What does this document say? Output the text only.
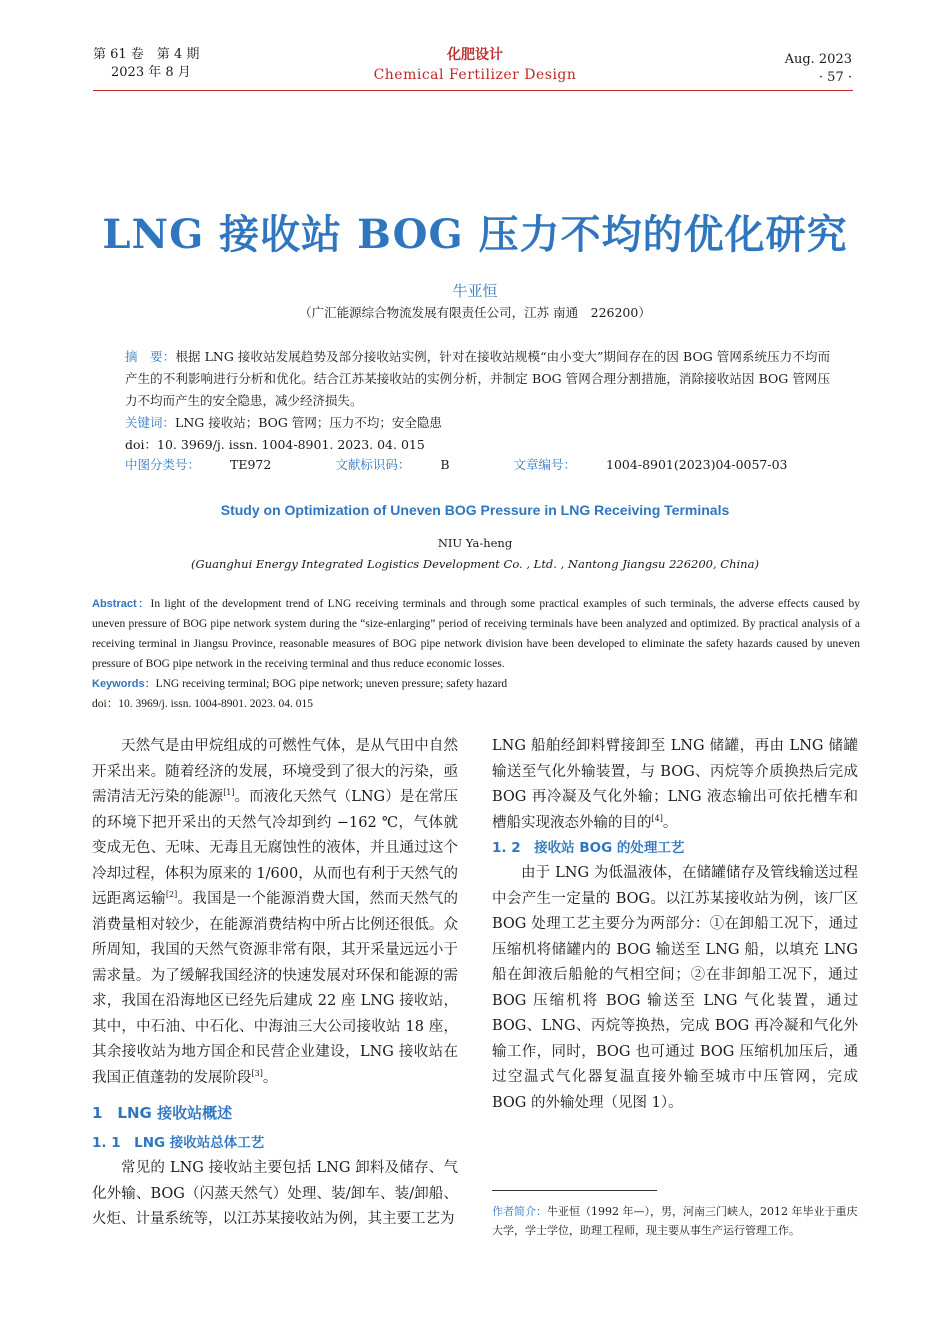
第 61 卷　第 4 期
2023 年 8 月
化肥设计
Chemical Fertilizer Design
Aug. 2023
· 57 ·
LNG 接收站 BOG 压力不均的优化研究
牛亚恒
（广汇能源综合物流发展有限责任公司，江苏 南通　226200）
摘　要：根据 LNG 接收站发展趋势及部分接收站实例，针对在接收站规模“由小变大”期间存在的因 BOG 管网系统压力不均而产生的不利影响进行分析和优化。结合江苏某接收站的实例分析，并制定 BOG 管网合理分割措施，消除接收站因 BOG 管网压力不均而产生的安全隐患，减少经济损失。
关键词：LNG 接收站；BOG 管网；压力不均；安全隐患
doi：10. 3969/j. issn. 1004-8901. 2023. 04. 015
中图分类号： TE972	文献标识码： B	文章编号： 1004-8901(2023)04-0057-03
Study on Optimization of Uneven BOG Pressure in LNG Receiving Terminals
NIU Ya-heng
(Guanghui Energy Integrated Logistics Development Co. , Ltd. , Nantong Jiangsu 226200, China)
Abstract：In light of the development trend of LNG receiving terminals and through some practical examples of such terminals, the adverse effects caused by uneven pressure of BOG pipe network system during the “size-enlarging” period of receiving terminals have been analyzed and optimized. By practical analysis of a receiving terminal in Jiangsu Province, reasonable measures of BOG pipe network division have been developed to eliminate the safety hazards caused by uneven pressure of BOG pipe network in the receiving terminal and thus reduce economic losses.
Keywords：LNG receiving terminal; BOG pipe network; uneven pressure; safety hazard
doi：10. 3969/j. issn. 1004-8901. 2023. 04. 015

天然气是由甲烷组成的可燃性气体，是从气田中自然开采出来。随着经济的发展，环境受到了很大的污染，亟需清洁无污染的能源[1]。而液化天然气（LNG）是在常压的环境下把开采出的天然气冷却到约 −162 ℃，气体就变成无色、无味、无毒且无腐蚀性的液体，并且通过这个冷却过程，体积为原来的 1/600，从而也有利于天然气的远距离运输[2]。我国是一个能源消费大国，然而天然气的消费量相对较少，在能源消费结构中所占比例还很低。众所周知，我国的天然气资源非常有限，其开采量远远小于需求量。为了缓解我国经济的快速发展对环保和能源的需求，我国在沿海地区已经先后建成 22 座 LNG 接收站，其中，中石油、中石化、中海油三大公司接收站 18 座，其余接收站为地方国企和民营企业建设，LNG 接收站在我国正值蓬勃的发展阶段[3]。

1　LNG 接收站概述
1. 1　LNG 接收站总体工艺

常见的 LNG 接收站主要包括 LNG 卸料及储存、气化外输、BOG（闪蒸天然气）处理、装/卸车、装/卸船、火炬、计量系统等，以江苏某接收站为例，其主要工艺为

LNG 船舶经卸料臂接卸至 LNG 储罐，再由 LNG 储罐输送至气化外输装置，与 BOG、丙烷等介质换热后完成 BOG 再冷凝及气化外输；LNG 液态输出可依托槽车和槽船实现液态外输的目的[4]。

1. 2　接收站 BOG 的处理工艺

由于 LNG 为低温液体，在储罐储存及管线输送过程中会产生一定量的 BOG。以江苏某接收站为例，该厂区 BOG 处理工艺主要分为两部分：①在卸船工况下，通过压缩机将储罐内的 BOG 输送至 LNG 船，以填充 LNG 船在卸液后船舱的气相空间；②在非卸船工况下，通过 BOG 压缩机将 BOG 输送至 LNG 气化装置，通过 BOG、LNG、丙烷等换热，完成 BOG 再冷凝和气化外输工作，同时，BOG 也可通过 BOG 压缩机加压后，通过空温式气化器复温直接外输至城市中压管网，完成 BOG 的外输处理（见图 1）。

作者简介：牛亚恒（1992 年—），男，河南三门峡人，2012 年毕业于重庆大学，学士学位，助理工程师，现主要从事生产运行管理工作。
